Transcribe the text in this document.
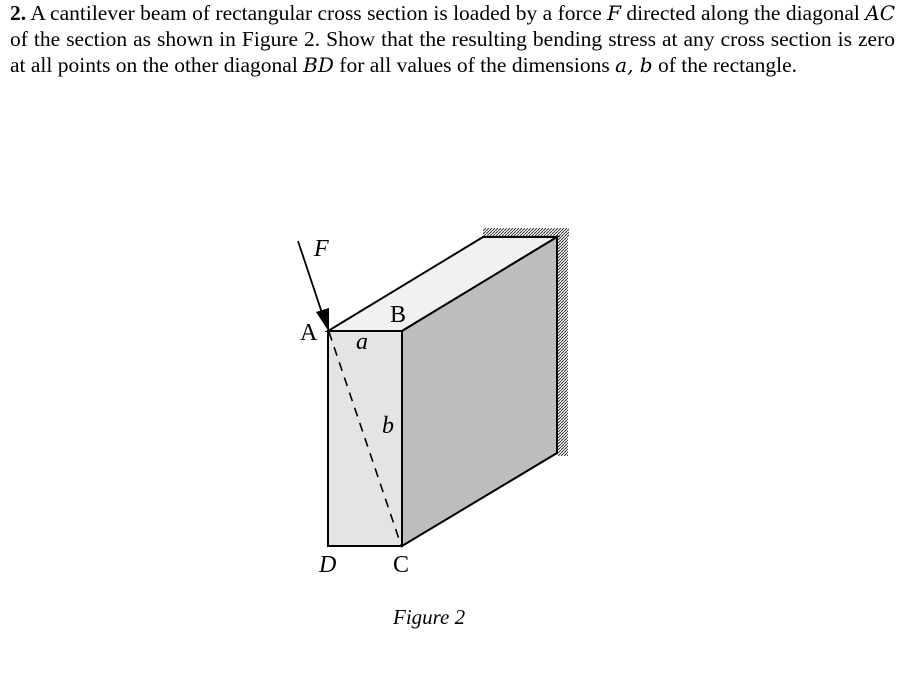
2. A cantilever beam of rectangular cross section is loaded by a force F directed along the diagonal AC of the section as shown in Figure 2. Show that the resulting bending stress at any cross section is zero at all points on the other diagonal BD for all values of the dimensions a, b of the rectangle.
F
A
B
a
b
D C
Figure 2
